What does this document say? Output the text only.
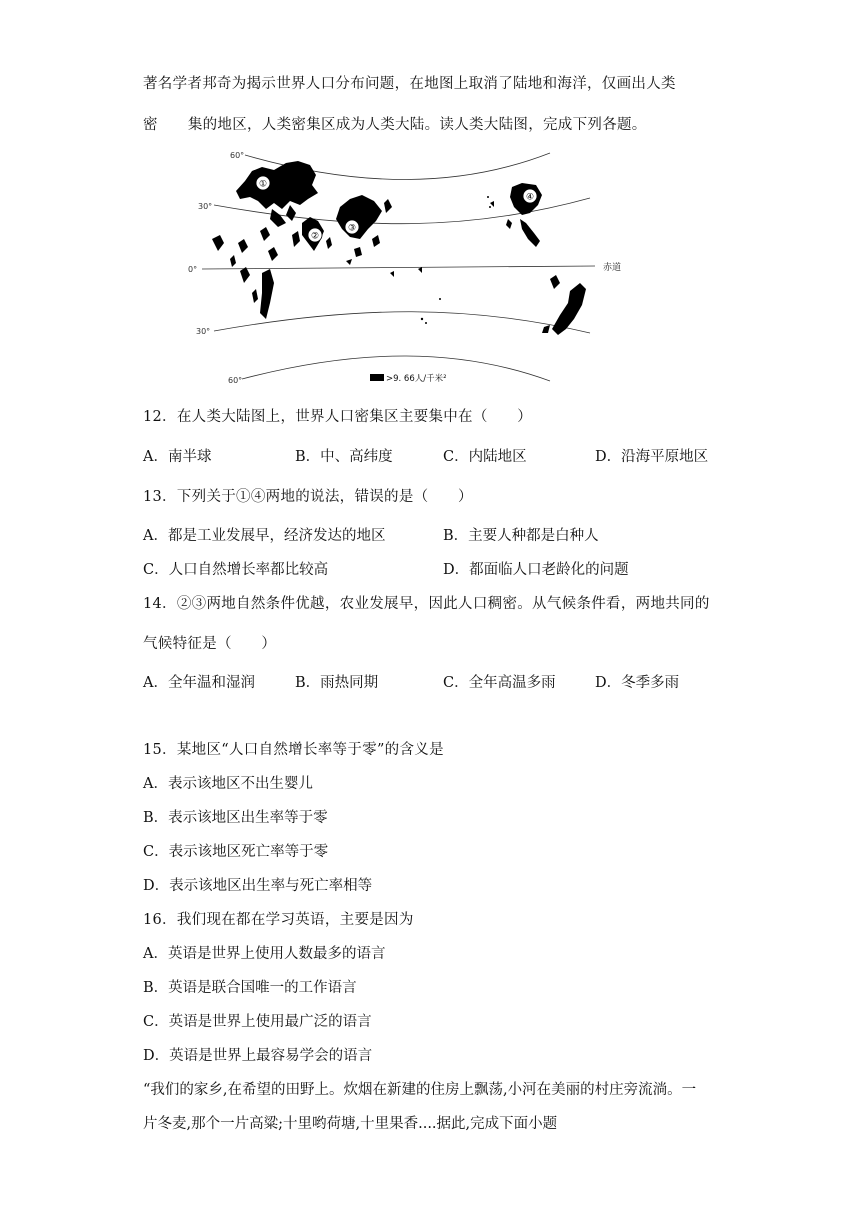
著名学者邦奇为揭示世界人口分布问题，在地图上取消了陆地和海洋，仅画出人类
密 集的地区，人类密集区成为人类大陆。读人类大陆图，完成下列各题。
60°
30°
0°
30°
60°
赤道
①
②
③
④
>9. 66人/千米²
12．在人类大陆图上，世界人口密集区主要集中在（　　）
A．南半球	B．中、高纬度	C．内陆地区	D．沿海平原地区
13．下列关于①④两地的说法，错误的是（　　）
A．都是工业发展早，经济发达的地区	B．主要人种都是白种人
C．人口自然增长率都比较高	D．都面临人口老龄化的问题
14．②③两地自然条件优越，农业发展早，因此人口稠密。从气候条件看，两地共同的
气候特征是（　　）
A．全年温和湿润	B．雨热同期	C．全年高温多雨	D．冬季多雨
15．某地区“人口自然增长率等于零”的含义是
A．表示该地区不出生婴儿
B．表示该地区出生率等于零
C．表示该地区死亡率等于零
D．表示该地区出生率与死亡率相等
16．我们现在都在学习英语，主要是因为
A．英语是世界上使用人数最多的语言
B．英语是联合国唯一的工作语言
C．英语是世界上使用最广泛的语言
D．英语是世界上最容易学会的语言
“我们的家乡,在希望的田野上。炊烟在新建的住房上飘荡,小河在美丽的村庄旁流淌。一
片冬麦,那个一片高粱;十里哟荷塘,十里果香....据此,完成下面小题
